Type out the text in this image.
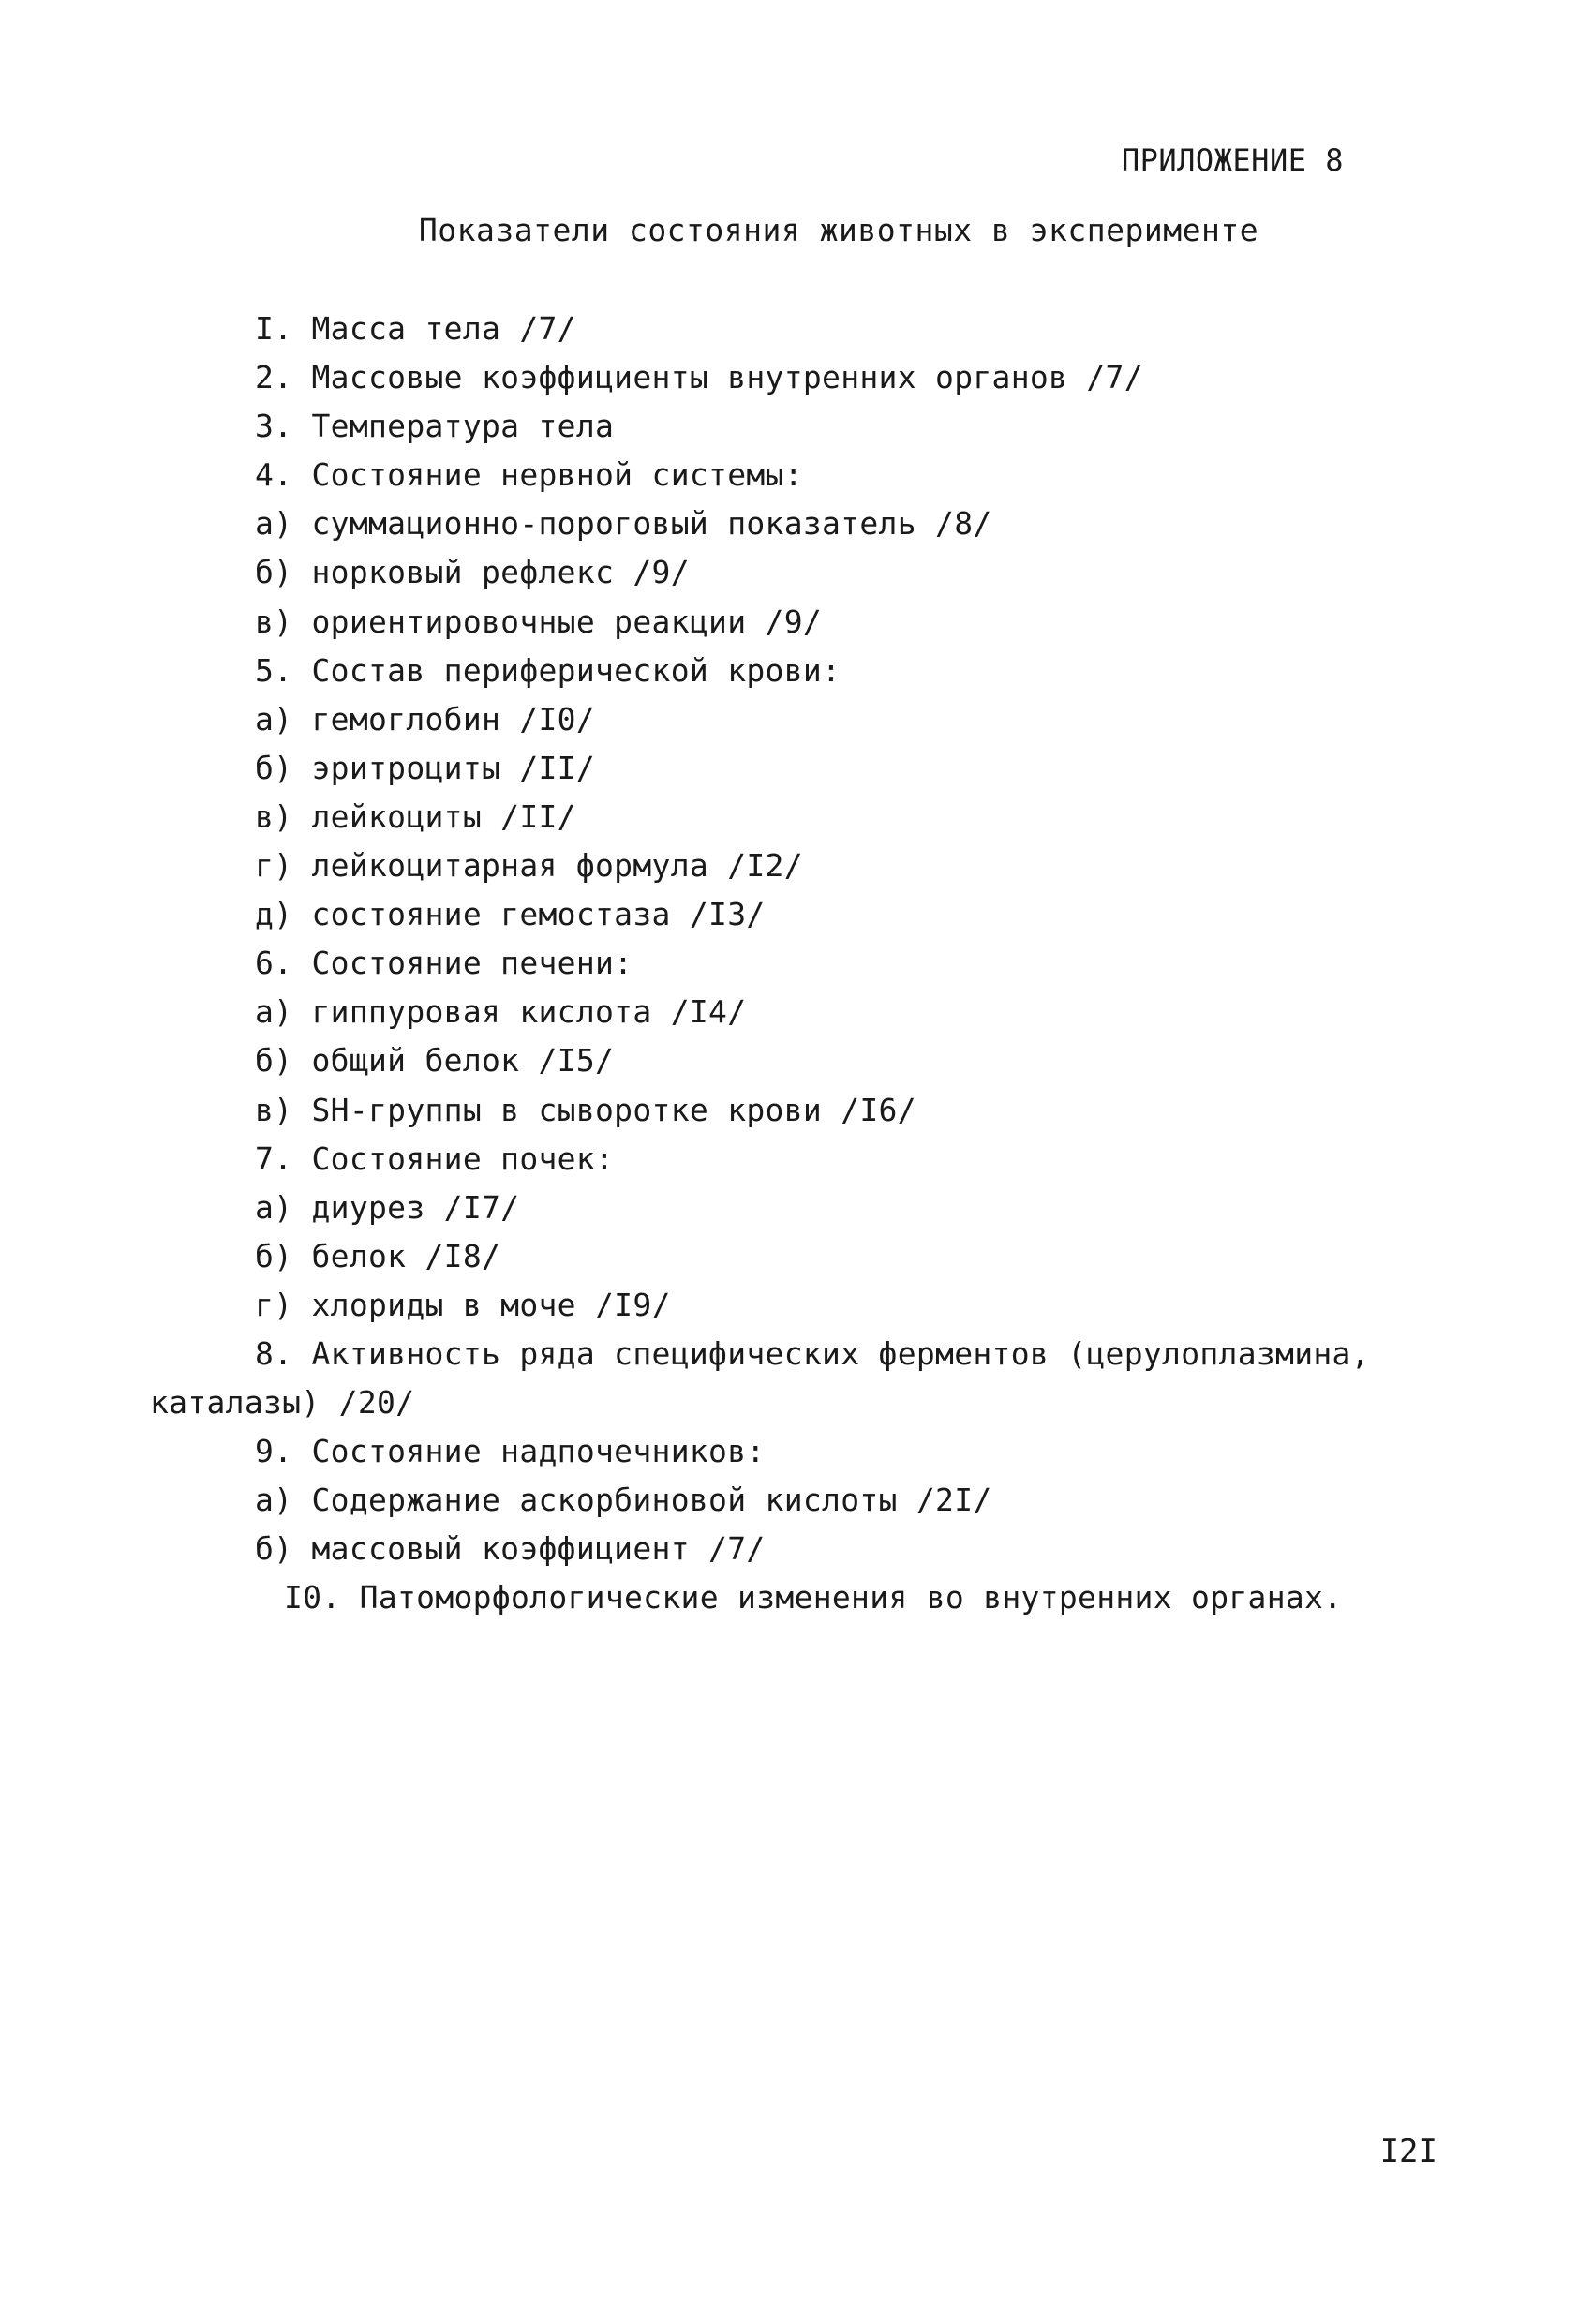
ПРИЛОЖЕНИЕ 8
Показатели состояния животных в эксперименте
I. Масса тела /7/
2. Массовые коэффициенты внутренних органов /7/
3. Температура тела
4. Состояние нервной системы:
а) суммационно-пороговый показатель /8/
б) норковый рефлекс /9/
в) ориентировочные реакции /9/
5. Состав периферической крови:
а) гемоглобин /I0/
б) эритроциты /II/
в) лейкоциты /II/
г) лейкоцитарная формула /I2/
д) состояние гемостаза /I3/
6. Состояние печени:
а) гиппуровая кислота /I4/
б) общий белок /I5/
в) SH-группы в сыворотке крови /I6/
7. Состояние почек:
а) диурез /I7/
б) белок /I8/
г) хлориды в моче /I9/
8. Активность ряда специфических ферментов (церулоплазмина,
каталазы) /20/
9. Состояние надпочечников:
а) Содержание аскорбиновой кислоты /2I/
б) массовый коэффициент /7/
I0. Патоморфологические изменения во внутренних органах.
I2I
